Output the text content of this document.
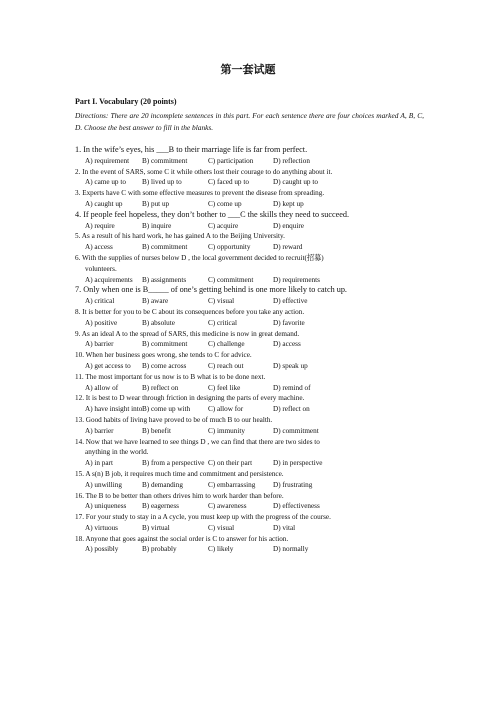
第一套试题
Part I. Vocabulary (20 points)
Directions: There are 20 incomplete sentences in this part. For each sentence there are four choices marked A, B, C, D. Choose the best answer to fill in the blanks.
1. In the wife’s eyes, his ___B to their marriage life is far from perfect.
A) requirement B) commitment	C) participation	D) reflection
2. In the event of SARS, some C it while others lost their courage to do anything about it.
A) came up to B) lived up to	C) faced up to	D) caught up to
3. Experts have C with some effective measures to prevent the disease from spreading.
A) caught up	B) put up	C) come up	D) kept up
4. If people feel hopeless, they don’t bother to ___C the skills they need to succeed.
A) require	B) inquire	C) acquire	D) enquire
5. As a result of his hard work, he has gained A to the Beijing University.
A) access	B) commitment	C) opportunity	D) reward
6. With the supplies of nurses below D , the local government decided to recruit(招募)
volunteers.
A) acquirements B) assignments	C) commitment	D) requirements
7. Only when one is B_____ of one’s getting behind is one more likely to catch up.
A) critical	B) aware	C) visual	D) effective
8. It is better for you to be C about its consequences before you take any action.
A) positive	B) absolute	C) critical	D) favorite
9. As an ideal A to the spread of SARS, this medicine is now in great demand.
A) barrier	B) commitment	C) challenge	D) access
10. When her business goes wrong, she tends to C for advice.
A) get access to B) come across	C) reach out	D) speak up
11. The most important for us now is to B what is to be done next.
A) allow of	B) reflect on	C) feel like	D) remind of
12. It is best to D wear through friction in designing the parts of every machine.
A) have insight into B) come up with C) allow for	D) reflect on
13. Good habits of living have proved to be of much B to our health.
A) barrier	B) benefit	C) immunity	D) commitment
14. Now that we have learned to see things D , we can find that there are two sides to
anything in the world.
A) in part	B) from a perspective C) on their part	D) in perspective
15. A s(n) B job, it requires much time and commitment and persistence.
A) unwilling	B) demanding	C) embarrassing D) frustrating
16. The B to be better than others drives him to work harder than before.
A) uniqueness B) eagerness	C) awareness	D) effectiveness
17. For your study to stay in a A cycle, you must keep up with the progress of the course.
A) virtuous	B) virtual	C) visual	D) vital
18. Anyone that goes against the social order is C to answer for his action.
A) possibly	B) probably	C) likely	D) normally
